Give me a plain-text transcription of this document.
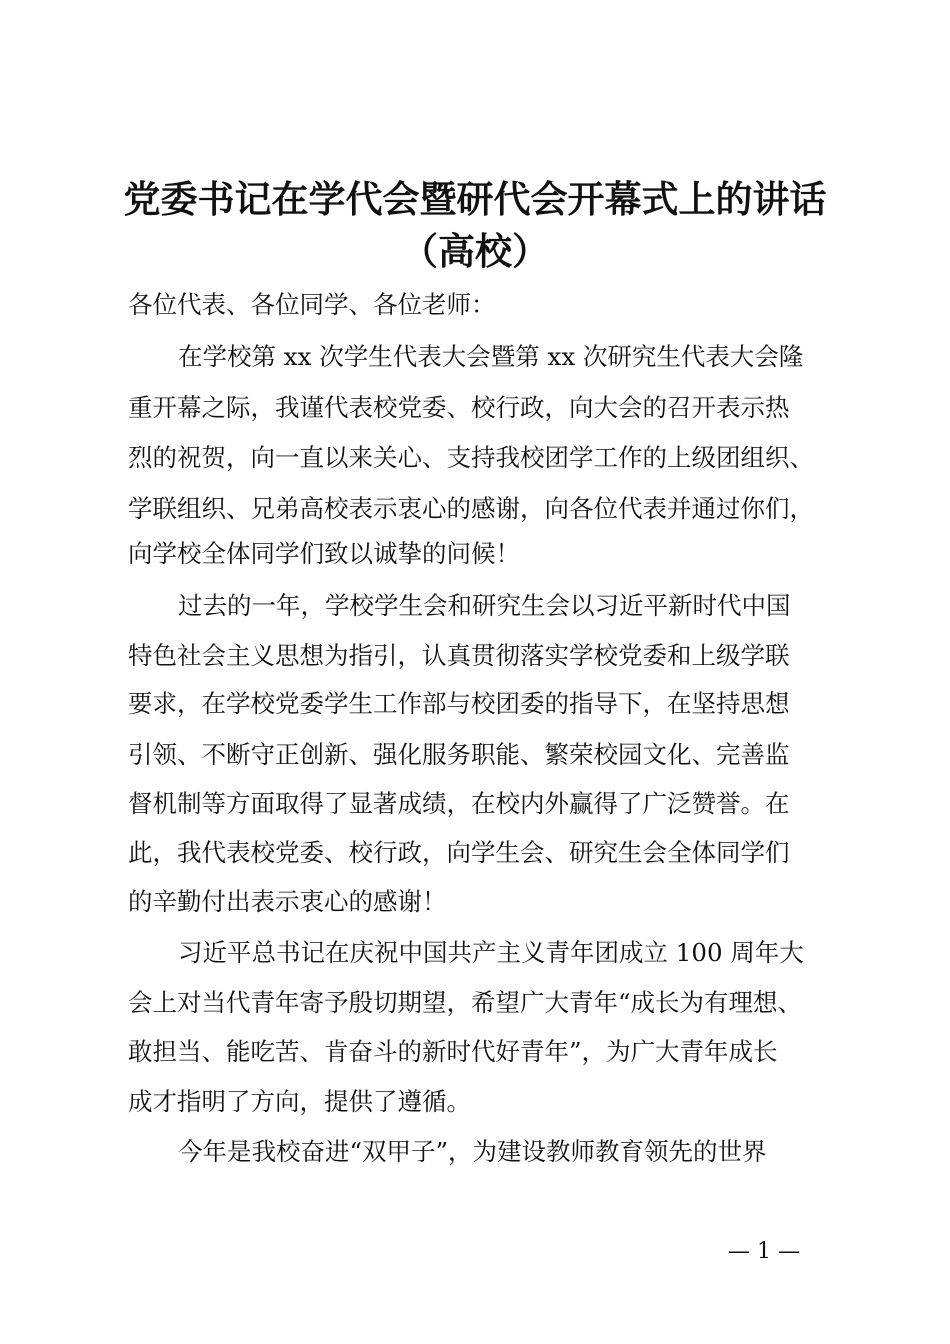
党委书记在学代会暨研代会开幕式上的讲话
（高校）
各位代表、各位同学、各位老师：
在学校第 xx 次学生代表大会暨第 xx 次研究生代表大会隆
重开幕之际，我谨代表校党委、校行政，向大会的召开表示热
烈的祝贺，向一直以来关心、支持我校团学工作的上级团组织、
学联组织、兄弟高校表示衷心的感谢，向各位代表并通过你们，
向学校全体同学们致以诚挚的问候！
过去的一年，学校学生会和研究生会以习近平新时代中国
特色社会主义思想为指引，认真贯彻落实学校党委和上级学联
要求，在学校党委学生工作部与校团委的指导下，在坚持思想
引领、不断守正创新、强化服务职能、繁荣校园文化、完善监
督机制等方面取得了显著成绩，在校内外赢得了广泛赞誉。在
此，我代表校党委、校行政，向学生会、研究生会全体同学们
的辛勤付出表示衷心的感谢！
习近平总书记在庆祝中国共产主义青年团成立 100 周年大
会上对当代青年寄予殷切期望，希望广大青年“成长为有理想、
敢担当、能吃苦、肯奋斗的新时代好青年”，为广大青年成长
成才指明了方向，提供了遵循。
今年是我校奋进“双甲子”，为建设教师教育领先的世界
— 1 —
